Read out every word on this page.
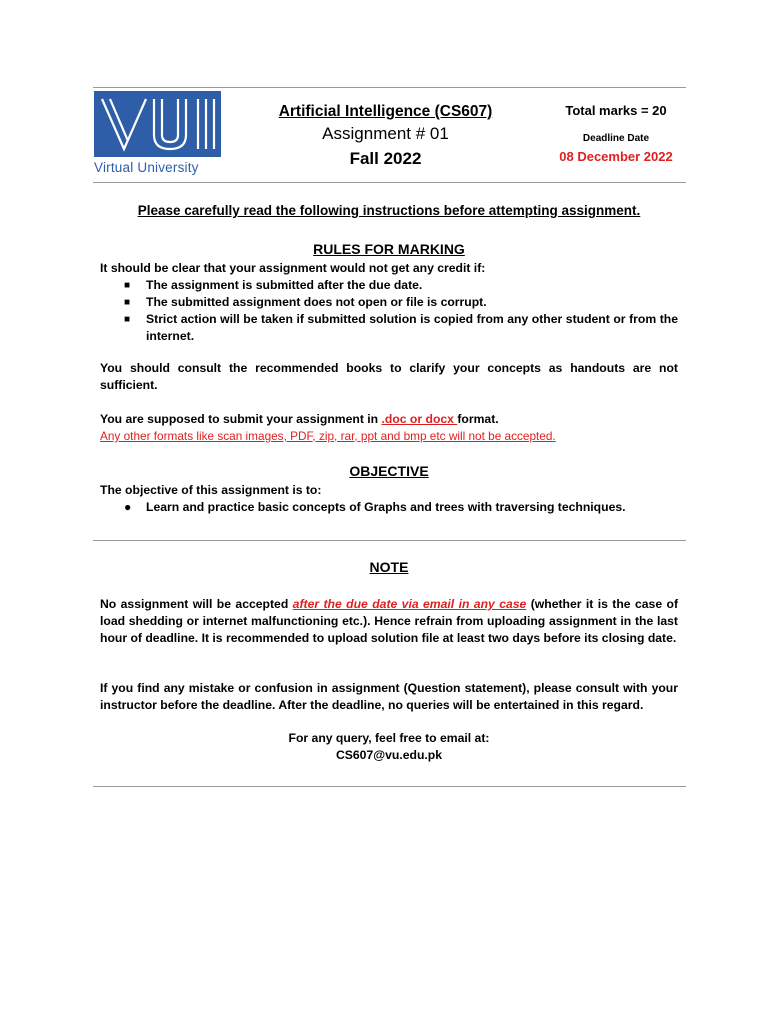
Virtual University
Artificial Intelligence (CS607)
Assignment # 01
Fall 2022
Total marks = 20
Deadline Date
08 December 2022
Please carefully read the following instructions before attempting assignment.
RULES FOR MARKING
It should be clear that your assignment would not get any credit if:
■ The assignment is submitted after the due date.
■ The submitted assignment does not open or file is corrupt.
■ Strict action will be taken if submitted solution is copied from any other student or from the internet.
You should consult the recommended books to clarify your concepts as handouts are not sufficient.
You are supposed to submit your assignment in .doc or docx format.
Any other formats like scan images, PDF, zip, rar, ppt and bmp etc will not be accepted.
OBJECTIVE
The objective of this assignment is to:
● Learn and practice basic concepts of Graphs and trees with traversing techniques.
NOTE
No assignment will be accepted after the due date via email in any case (whether it is the case of load shedding or internet malfunctioning etc.). Hence refrain from uploading assignment in the last hour of deadline. It is recommended to upload solution file at least two days before its closing date.
If you find any mistake or confusion in assignment (Question statement), please consult with your instructor before the deadline. After the deadline, no queries will be entertained in this regard.
For any query, feel free to email at:
CS607@vu.edu.pk
